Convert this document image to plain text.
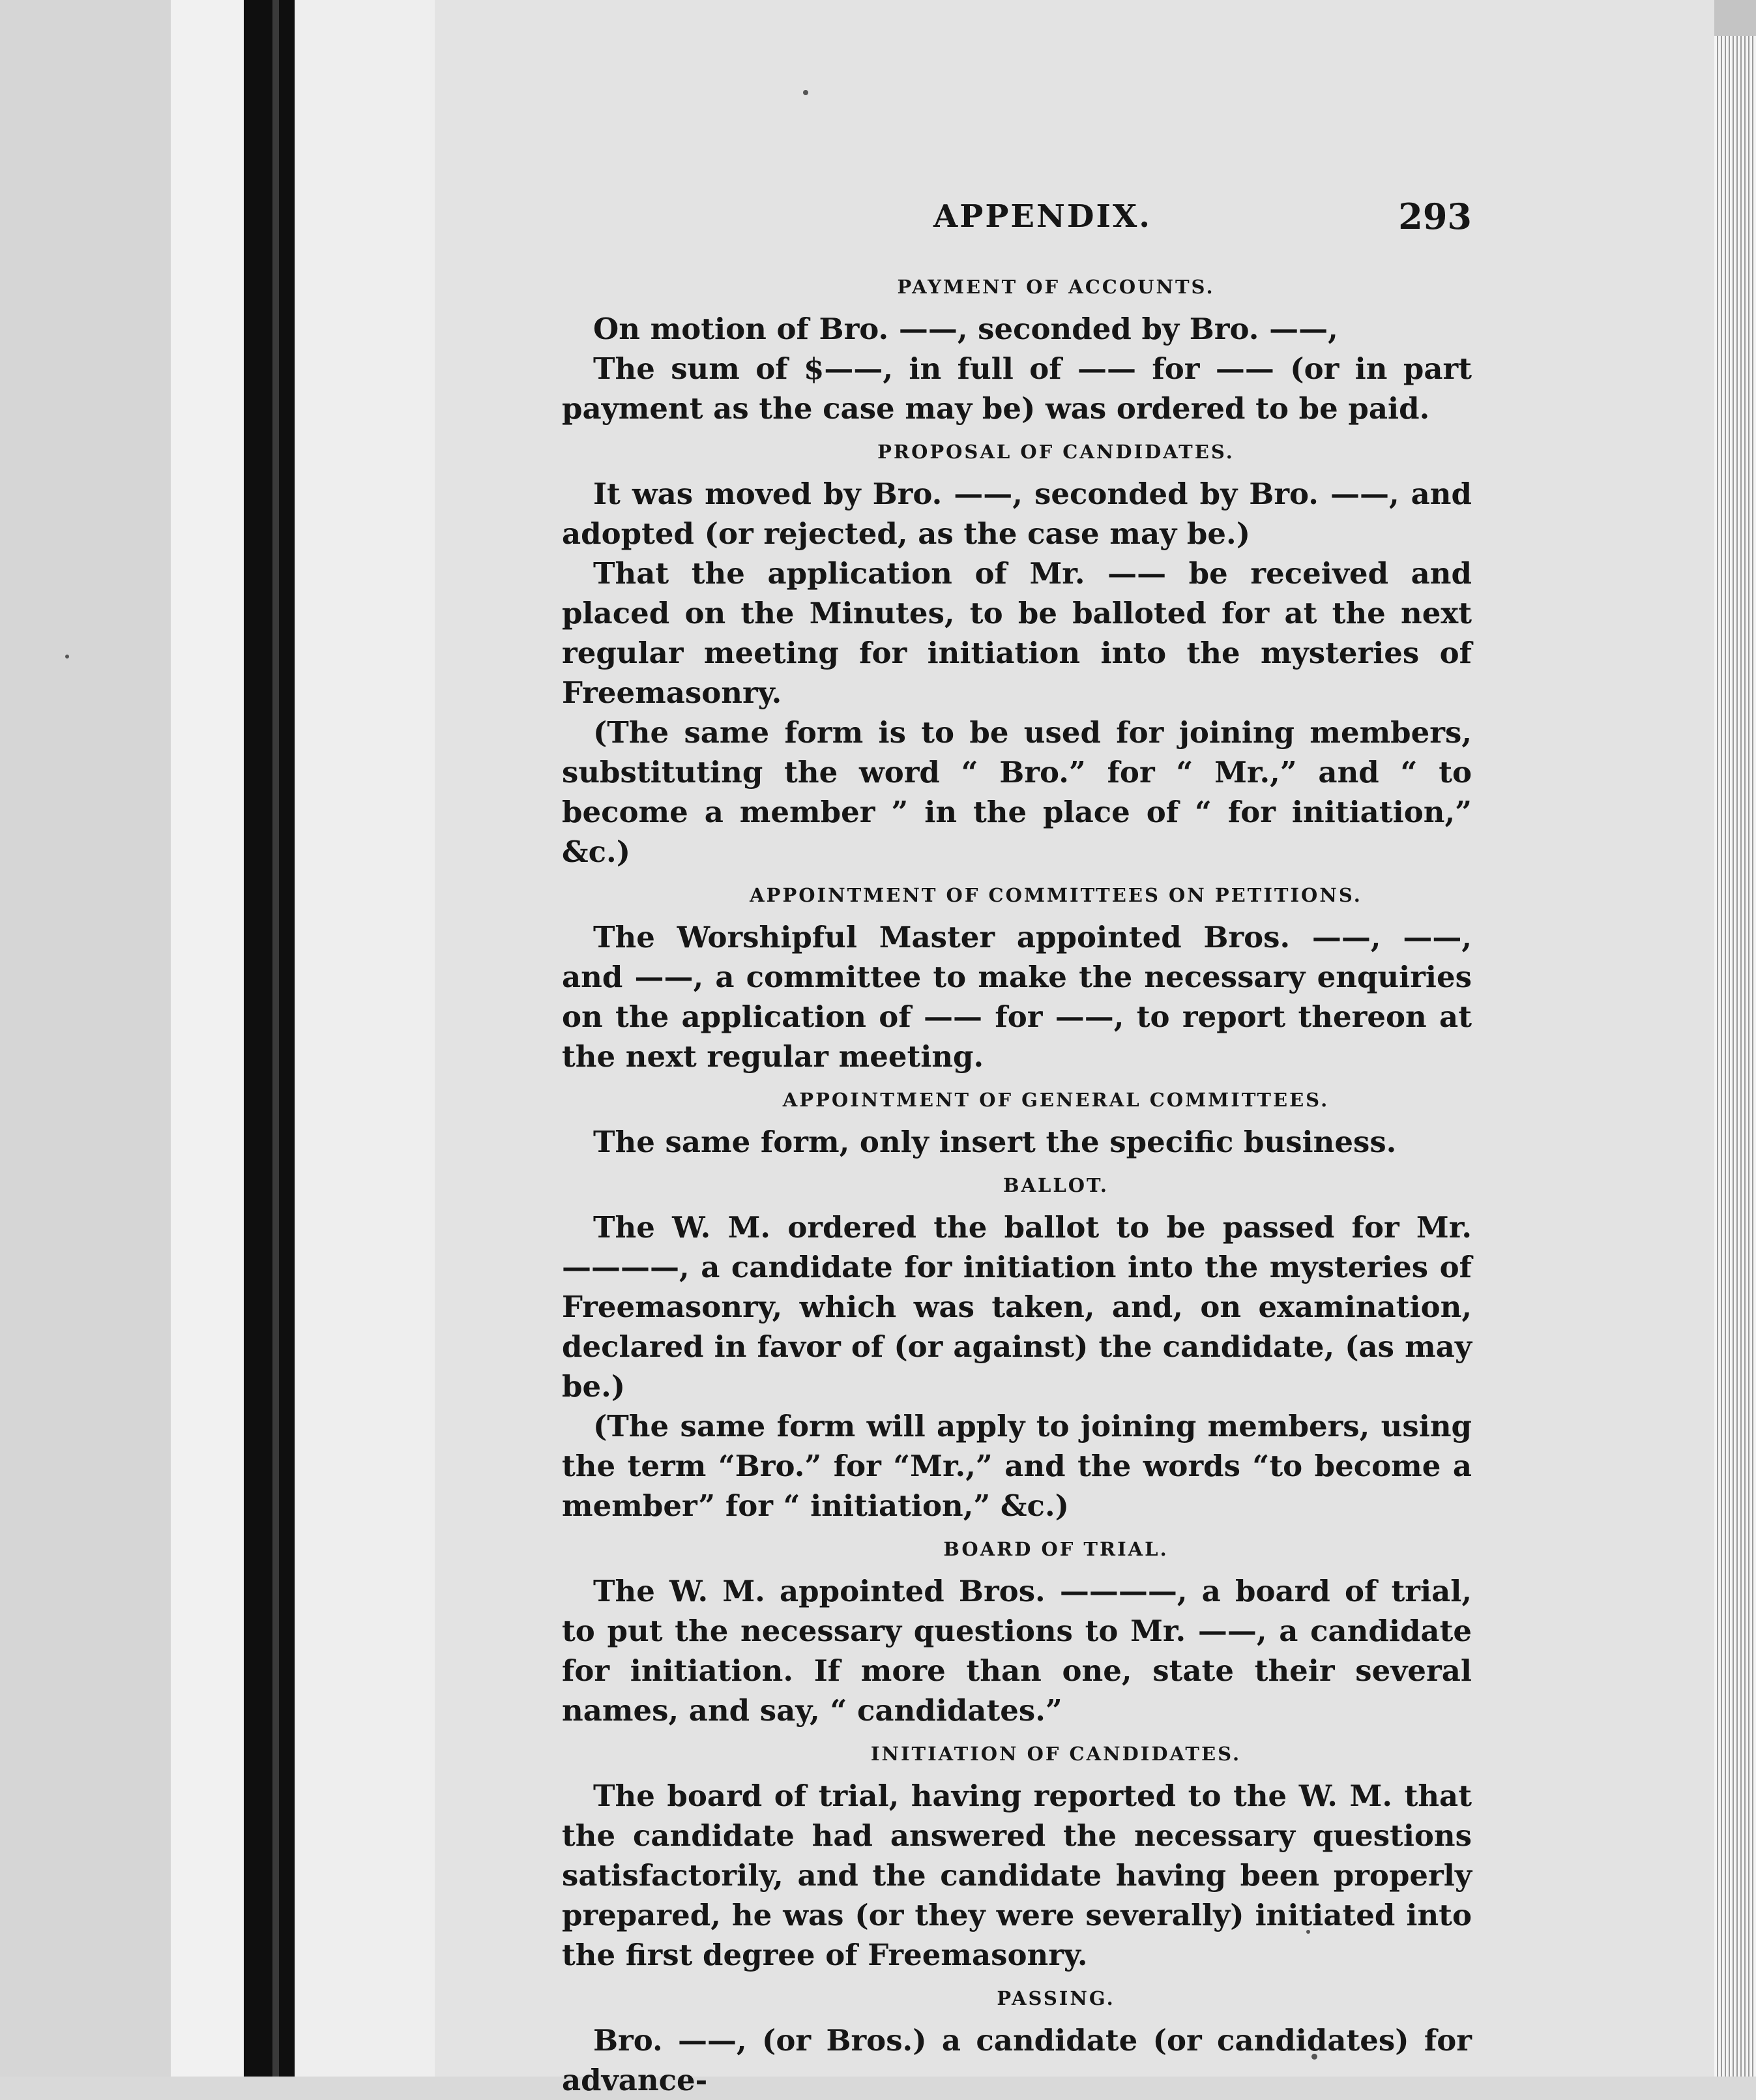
APPENDIX.	293
PAYMENT OF ACCOUNTS.

On motion of Bro. ——, seconded by Bro. ——,

The sum of $——, in full of —— for —— (or in part payment as the case may be) was ordered to be paid.

PROPOSAL OF CANDIDATES.

It was moved by Bro. ——, seconded by Bro. ——, and adopted (or rejected, as the case may be.)

That the application of Mr. —— be received and placed on the Minutes, to be balloted for at the next regular meeting for initiation into the mysteries of Freemasonry.

(The same form is to be used for joining members, substituting the word “ Bro.” for “ Mr.,” and “ to become a member ” in the place of “ for initiation,” &c.)

APPOINTMENT OF COMMITTEES ON PETITIONS.

The Worshipful Master appointed Bros. ——, ——, and ——, a committee to make the necessary enquiries on the application of —— for ——, to report thereon at the next regular meeting.

APPOINTMENT OF GENERAL COMMITTEES.

The same form, only insert the specific business.

BALLOT.

The W. M. ordered the ballot to be passed for Mr. ————, a candidate for initiation into the mysteries of Freemasonry, which was taken, and, on examination, declared in favor of (or against) the candidate, (as may be.)

(The same form will apply to joining members, using the term “Bro.” for “Mr.,” and the words “to become a member” for “ initiation,” &c.)

BOARD OF TRIAL.

The W. M. appointed Bros. ————, a board of trial, to put the necessary questions to Mr. ——, a candidate for initiation. If more than one, state their several names, and say, “ candidates.”

INITIATION OF CANDIDATES.

The board of trial, having reported to the W. M. that the candidate had answered the necessary questions satisfactorily, and the candidate having been properly prepared, he was (or they were severally) initiated into the first degree of Freemasonry.

PASSING.

Bro. ——, (or Bros.) a candidate (or candidates) for advance-
